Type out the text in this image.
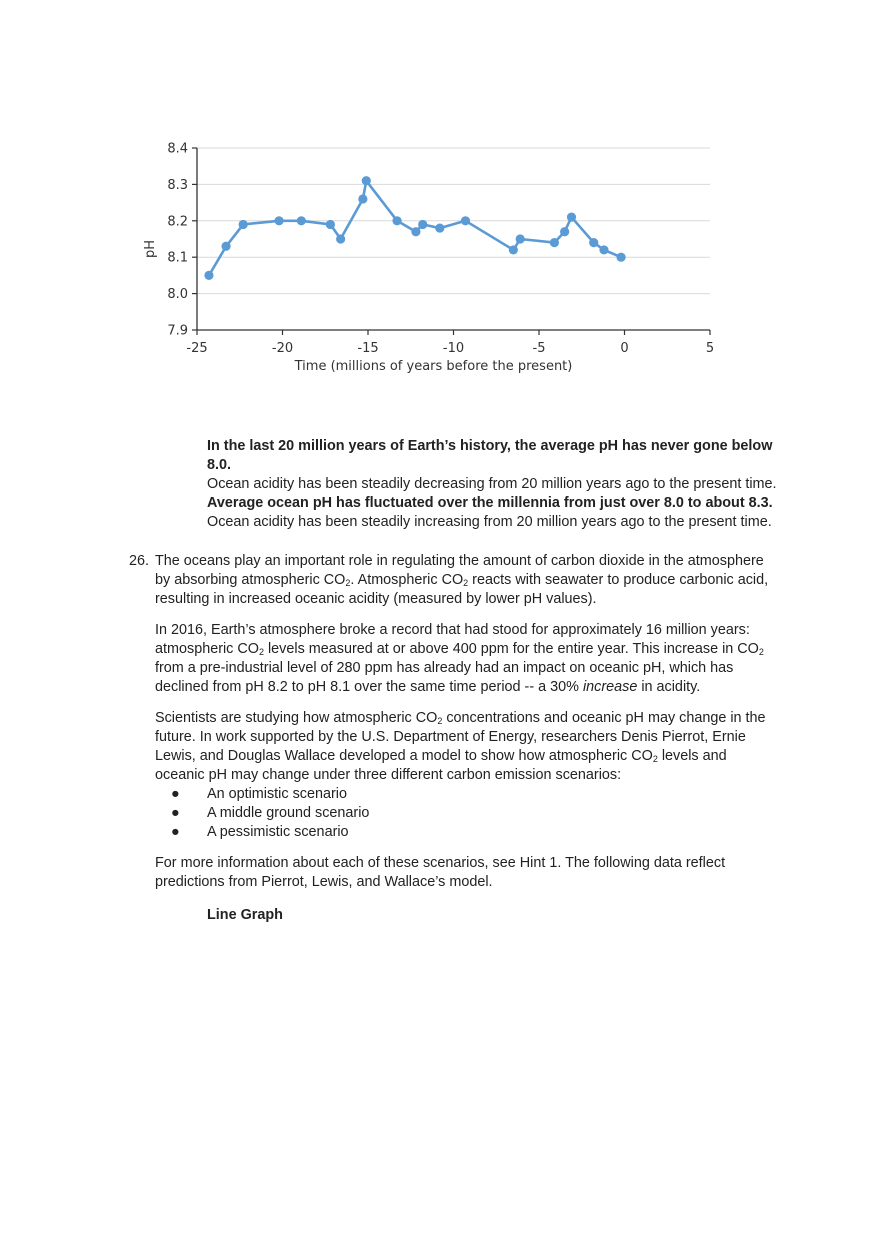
7.9
8.0
8.1
8.2
8.3
8.4
-25	-20	-15	-10	-5	0	5
Time (millions of years before the present)
pH

In the last 20 million years of Earth’s history, the average pH has never gone below 8.0.

Ocean acidity has been steadily decreasing from 20 million years ago to the present time.

Average ocean pH has fluctuated over the millennia from just over 8.0 to about 8.3.

Ocean acidity has been steadily increasing from 20 million years ago to the present time.

26. The oceans play an important role in regulating the amount of carbon dioxide in the atmosphere by absorbing atmospheric $CO_2$. Atmospheric $CO_2$ reacts with seawater to produce carbonic acid, resulting in increased oceanic acidity (measured by lower pH values).

In 2016, Earth’s atmosphere broke a record that had stood for approximately 16 million years: atmospheric $CO_2$ levels measured at or above 400 ppm for the entire year. This increase in $CO_2$ from a pre-industrial level of 280 ppm has already had an impact on oceanic pH, which has declined from pH 8.2 to pH 8.1 over the same time period -- a 30% increase in acidity.

Scientists are studying how atmospheric $CO_2$ concentrations and oceanic pH may change in the future. In work supported by the U.S. Department of Energy, researchers Denis Pierrot, Ernie Lewis, and Douglas Wallace developed a model to show how atmospheric $CO_2$ levels and oceanic pH may change under three different carbon emission scenarios:

● An optimistic scenario
● A middle ground scenario
● A pessimistic scenario

For more information about each of these scenarios, see Hint 1. The following data reflect predictions from Pierrot, Lewis, and Wallace’s model.

Line Graph
